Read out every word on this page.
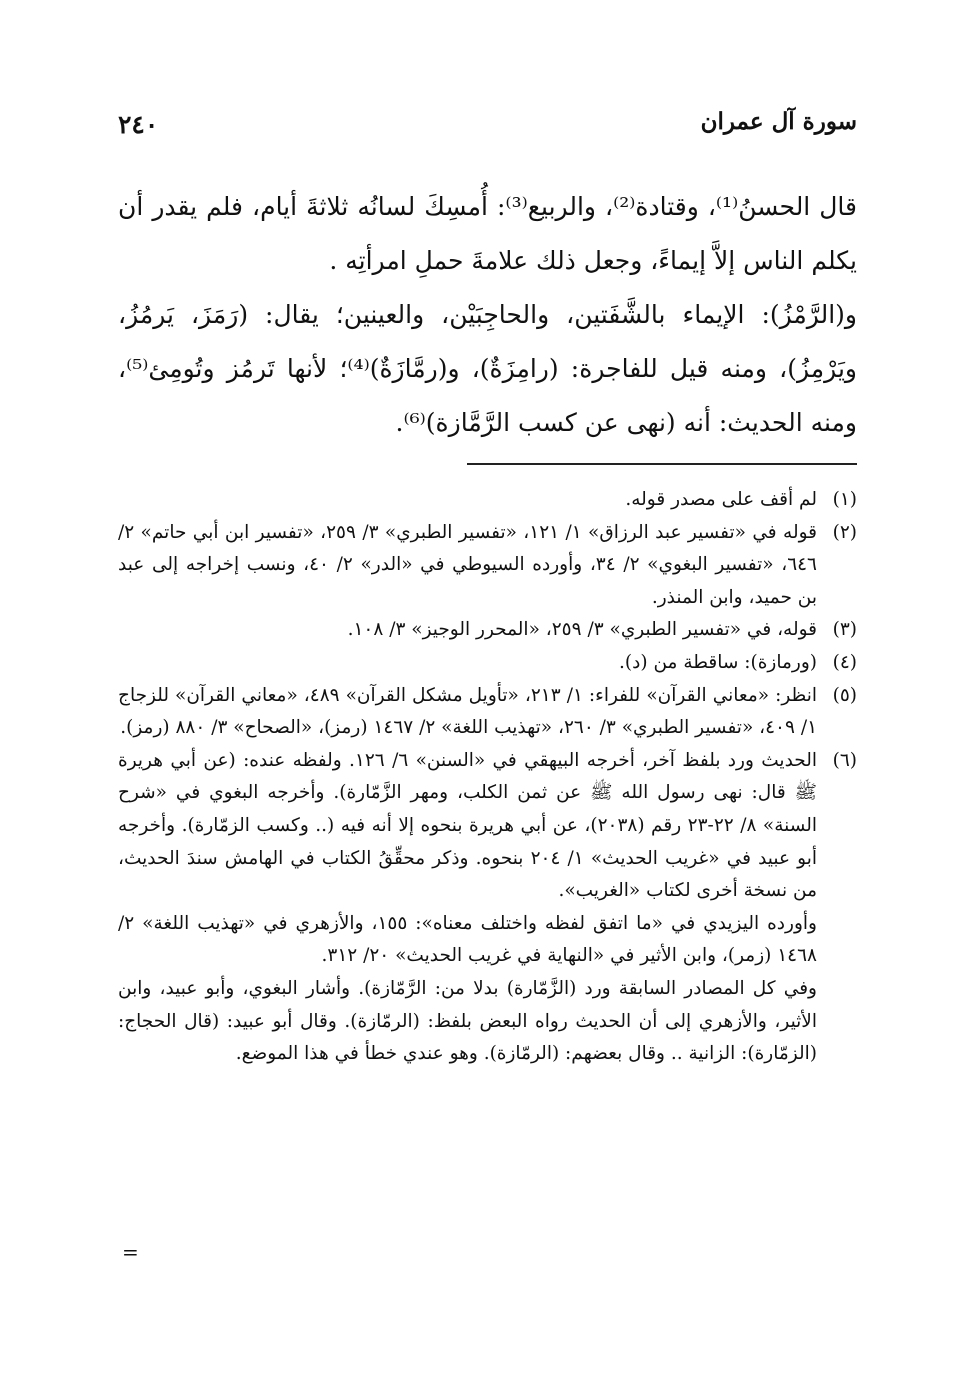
سورة آل عمران
٢٤٠

قال الحسنُ⁽¹⁾، وقتادة⁽²⁾، والربيع⁽³⁾: أُمسِكَ لسانُه ثلاثةَ أيام، فلم يقدر أن يكلم الناس إلاَّ إيماءً، وجعل ذلك علامةَ حملِ امرأتِه .

و(الرَّمْزُ): الإيماء بالشَّفَتين، والحاجِبَيْن، والعينين؛ يقال: (رَمَزَ، يَرمُزُ، ويَرْمِزُ)، ومنه قيل للفاجرة: (رامِزَةٌ)، و(رمَّازَةٌ)⁽⁴⁾؛ لأنها تَرمُز وتُومِئ⁽⁵⁾، ومنه الحديث: أنه (نهى عن كسب الرَّمَّازة)⁽⁶⁾.

(١)

لم أقف على مصدر قوله.

(٢)

قوله في «تفسير عبد الرزاق» ١/ ١٢١، «تفسير الطبري» ٣/ ٢٥٩، «تفسير ابن أبي حاتم» ٢/ ٦٤٦، «تفسير البغوي» ٢/ ٣٤، وأورده السيوطي في «الدر» ٢/ ٤٠، ونسب إخراجه إلى عبد بن حميد، وابن المنذر.

(٣)

قوله، في «تفسير الطبري» ٣/ ٢٥٩، «المحرر الوجيز» ٣/ ١٠٨.

(٤)

(ورمازة): ساقطة من (د).

(٥)

انظر: «معاني القرآن» للفراء: ١/ ٢١٣، «تأويل مشكل القرآن» ٤٨٩، «معاني القرآن» للزجاج ١/ ٤٠٩، «تفسير الطبري» ٣/ ٢٦٠، «تهذيب اللغة» ٢/ ١٤٦٧ (رمز)، «الصحاح» ٣/ ٨٨٠ (رمز).

(٦)

الحديث ورد بلفظ آخر، أخرجه البيهقي في «السنن» ٦/ ١٢٦. ولفظه عنده: (عن أبي هريرة ﷺ قال: نهى رسول الله ﷺ عن ثمن الكلب، ومهر الزَّمّارة). وأخرجه البغوي في «شرح السنة» ٨/ ٢٢-٢٣ رقم (٢٠٣٨)، عن أبي هريرة بنحوه إلا أنه فيه (.. وكسب الزمّارة). وأخرجه أبو عبيد في «غريب الحديث» ١/ ٢٠٤ بنحوه. وذكر محقِّقُ الكتاب في الهامش سندَ الحديث، من نسخة أخرى لكتاب «الغريب».

وأورده اليزيدي في «ما اتفق لفظه واختلف معناه»: ١٥٥، والأزهري في «تهذيب اللغة» ٢/ ١٤٦٨ (زمر)، وابن الأثير في «النهاية في غريب الحديث» ٢٠/ ٣١٢.

وفي كل المصادر السابقة ورد (الزَّمّارة) بدلا من: الرَّمّازة). وأشار البغوي، وأبو عبيد، وابن الأثير، والأزهري إلى أن الحديث رواه البعض بلفظ: (الرمّازة). وقال أبو عبيد: (قال الحجاج: (الزمّارة): الزانية .. وقال بعضهم: (الرمّازة). وهو عندي خطأ في هذا الموضع.

=
